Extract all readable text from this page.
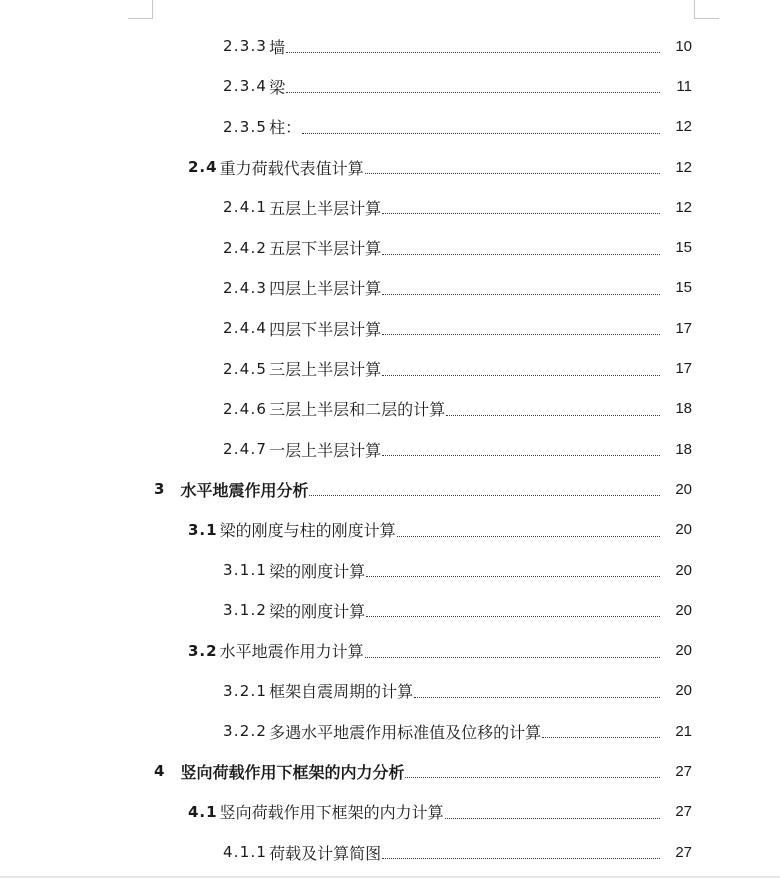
2.3.3 墙	10
2.3.4 梁	11
2.3.5 柱：	12
2.4 重力荷载代表值计算	12
2.4.1 五层上半层计算	12
2.4.2 五层下半层计算	15
2.4.3 四层上半层计算	15
2.4.4 四层下半层计算	17
2.4.5 三层上半层计算	17
2.4.6 三层上半层和二层的计算	18
2.4.7 一层上半层计算	18
3 水平地震作用分析	20
3.1 梁的刚度与柱的刚度计算	20
3.1.1 梁的刚度计算	20
3.1.2 梁的刚度计算	20
3.2 水平地震作用力计算	20
3.2.1 框架自震周期的计算	20
3.2.2 多遇水平地震作用标准值及位移的计算	21
4 竖向荷载作用下框架的内力分析	27
4.1 竖向荷载作用下框架的内力计算	27
4.1.1 荷载及计算简图	27
